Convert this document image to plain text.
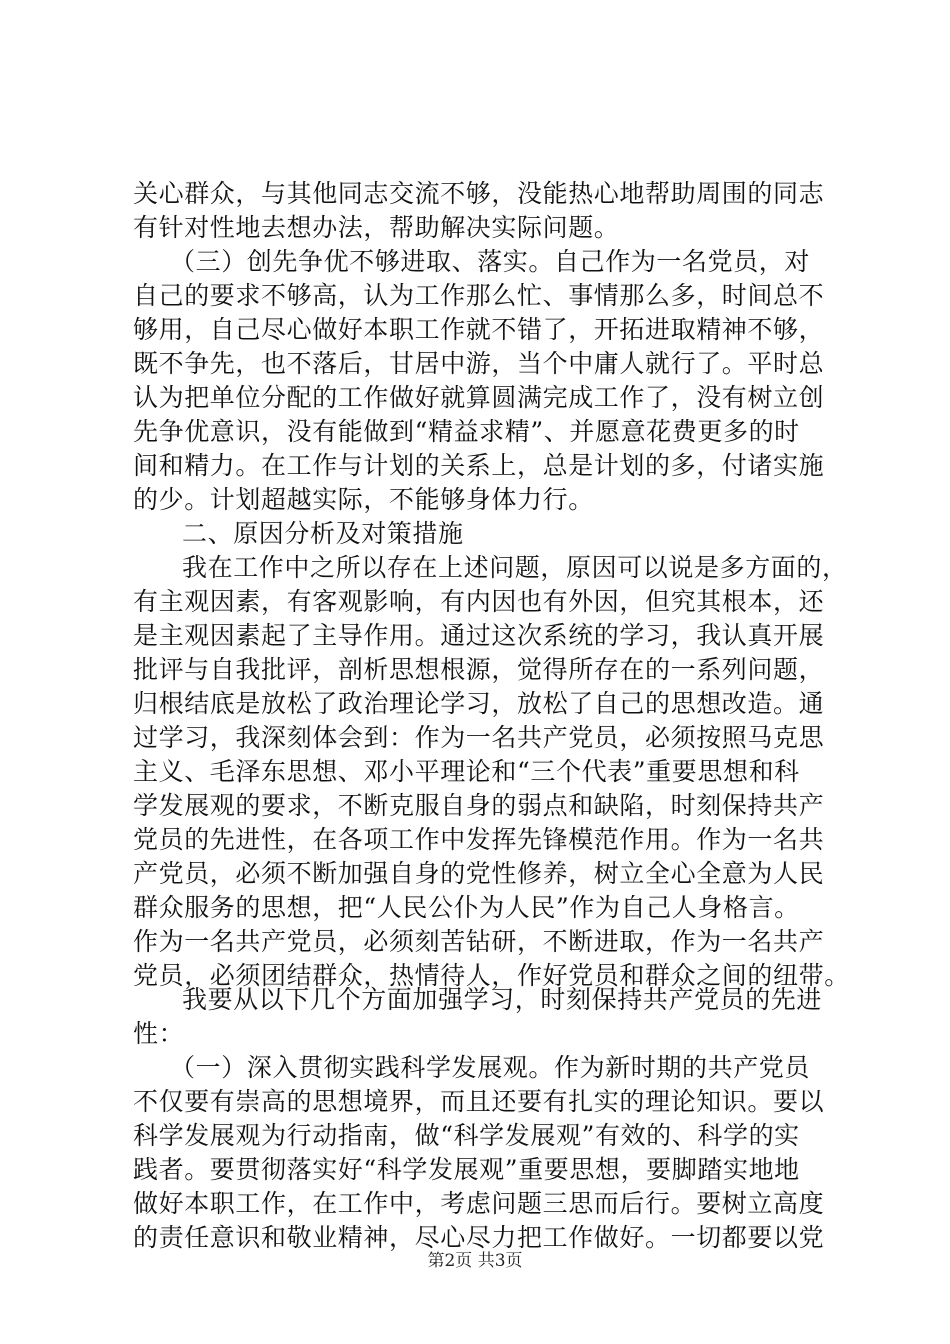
关心群众，与其他同志交流不够，没能热心地帮助周围的同志
有针对性地去想办法，帮助解决实际问题。
（三）创先争优不够进取、落实。自己作为一名党员，对
自己的要求不够高，认为工作那么忙、事情那么多，时间总不
够用，自己尽心做好本职工作就不错了，开拓进取精神不够，
既不争先，也不落后，甘居中游，当个中庸人就行了。平时总
认为把单位分配的工作做好就算圆满完成工作了，没有树立创
先争优意识，没有能做到“精益求精”、并愿意花费更多的时
间和精力。在工作与计划的关系上，总是计划的多，付诸实施
的少。计划超越实际，不能够身体力行。
二、原因分析及对策措施
我在工作中之所以存在上述问题，原因可以说是多方面的，
有主观因素，有客观影响，有内因也有外因，但究其根本，还
是主观因素起了主导作用。通过这次系统的学习，我认真开展
批评与自我批评，剖析思想根源，觉得所存在的一系列问题，
归根结底是放松了政治理论学习，放松了自己的思想改造。通
过学习，我深刻体会到：作为一名共产党员，必须按照马克思
主义、毛泽东思想、邓小平理论和“三个代表”重要思想和科
学发展观的要求，不断克服自身的弱点和缺陷，时刻保持共产
党员的先进性，在各项工作中发挥先锋模范作用。作为一名共
产党员，必须不断加强自身的党性修养，树立全心全意为人民
群众服务的思想，把“人民公仆为人民”作为自己人身格言。
作为一名共产党员，必须刻苦钻研，不断进取，作为一名共产
党员，必须团结群众，热情待人，作好党员和群众之间的纽带。
我要从以下几个方面加强学习，时刻保持共产党员的先进
性：
（一）深入贯彻实践科学发展观。作为新时期的共产党员
不仅要有崇高的思想境界，而且还要有扎实的理论知识。要以
科学发展观为行动指南，做“科学发展观”有效的、科学的实
践者。要贯彻落实好“科学发展观”重要思想，要脚踏实地地
第2页 共3页
做好本职工作，在工作中，考虑问题三思而后行。要树立高度
的责任意识和敬业精神，尽心尽力把工作做好。一切都要以党
